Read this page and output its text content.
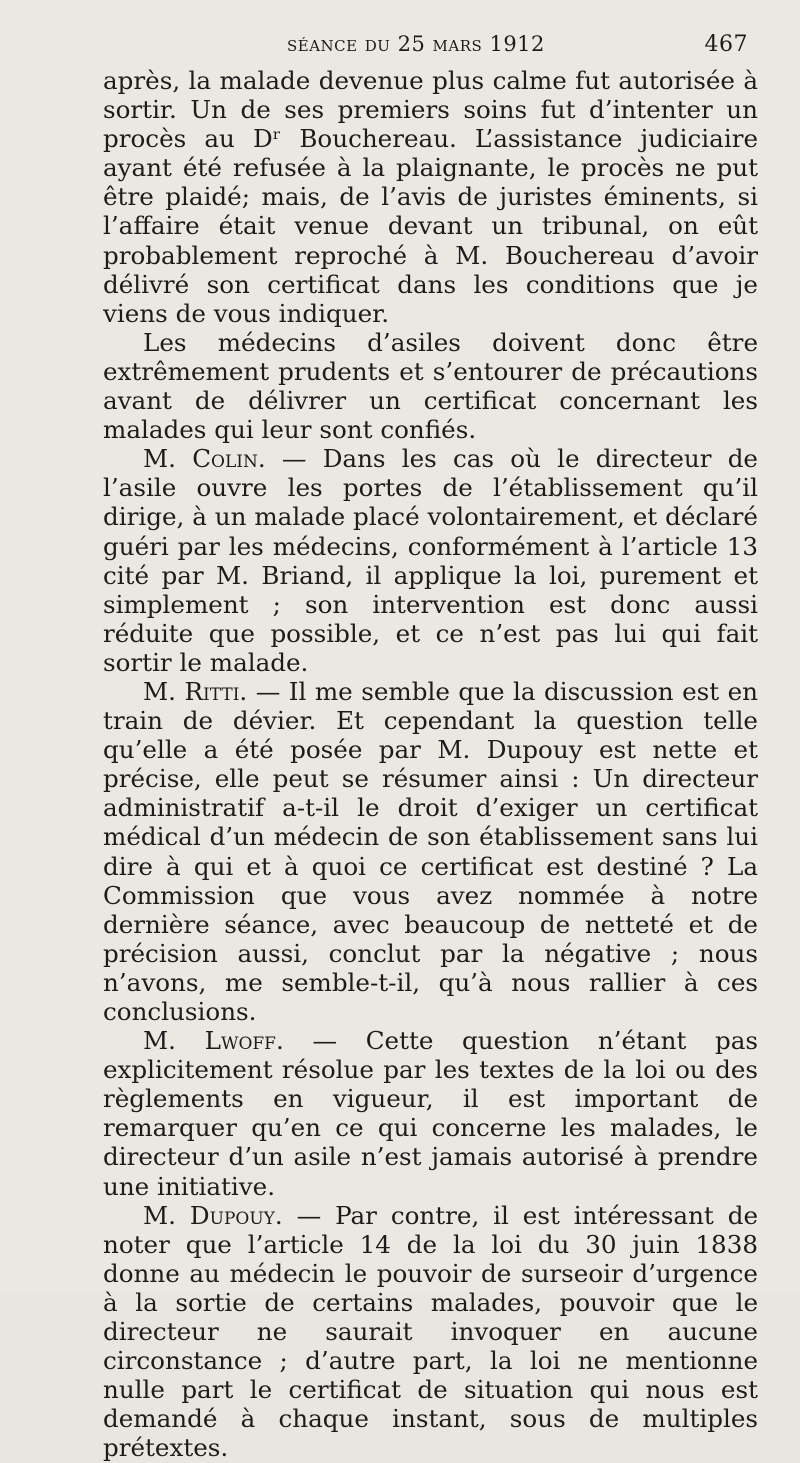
séance du 25 mars 1912	467

après, la malade devenue plus calme fut autorisée à sortir. Un de ses premiers soins fut d’intenter un procès au Dʳ Bouchereau. L’assistance judiciaire ayant été refusée à la plaignante, le procès ne put être plaidé; mais, de l’avis de juristes éminents, si l’affaire était venue devant un tribunal, on eût probablement reproché à M. Bouchereau d’avoir délivré son certificat dans les conditions que je viens de vous indiquer.

Les médecins d’asiles doivent donc être extrêmement prudents et s’entourer de précautions avant de délivrer un certificat concernant les malades qui leur sont confiés.

M. Colin. — Dans les cas où le directeur de l’asile ouvre les portes de l’établissement qu’il dirige, à un malade placé volontairement, et déclaré guéri par les médecins, conformément à l’article 13 cité par M. Briand, il applique la loi, purement et simplement ; son intervention est donc aussi réduite que possible, et ce n’est pas lui qui fait sortir le malade.

M. Ritti. — Il me semble que la discussion est en train de dévier. Et cependant la question telle qu’elle a été posée par M. Dupouy est nette et précise, elle peut se résumer ainsi : Un directeur administratif a-t-il le droit d’exiger un certificat médical d’un médecin de son établissement sans lui dire à qui et à quoi ce certificat est destiné ? La Commission que vous avez nommée à notre dernière séance, avec beaucoup de netteté et de précision aussi, conclut par la négative ; nous n’avons, me semble-t-il, qu’à nous rallier à ces conclusions.

M. Lwoff. — Cette question n’étant pas explicitement résolue par les textes de la loi ou des règlements en vigueur, il est important de remarquer qu’en ce qui concerne les malades, le directeur d’un asile n’est jamais autorisé à prendre une initiative.

M. Dupouy. — Par contre, il est intéressant de noter que l’article 14 de la loi du 30 juin 1838 donne au médecin le pouvoir de surseoir d’urgence à la sortie de certains malades, pouvoir que le directeur ne saurait invoquer en aucune circonstance ; d’autre part, la loi ne mentionne nulle part le certificat de situation qui nous est demandé à chaque instant, sous de multiples prétextes.
